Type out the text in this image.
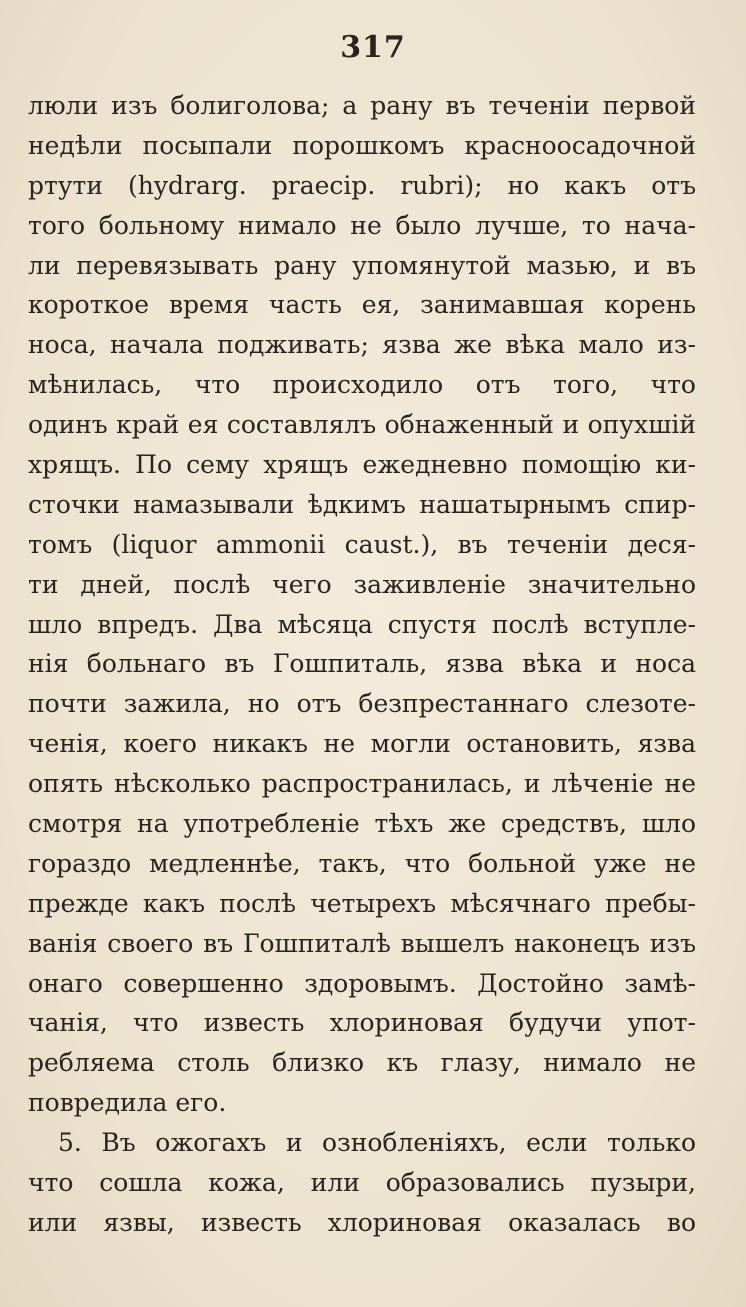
317
люли изъ болиголова; а рану въ теченіи первой
недѣли посыпали порошкомъ красноосадочной
ртути (hydrarg. praecip. rubri); но какъ отъ
того больному нимало не было лучше, то нача-
ли перевязывать рану упомянутой мазью, и въ
короткое время часть ея, занимавшая корень
носа, начала подживать; язва же вѣка мало из-
мѣнилась, что происходило отъ того, что
одинъ край ея составлялъ обнаженный и опухшій
хрящъ. По сему хрящъ ежедневно помощію ки-
сточки намазывали ѣдкимъ нашатырнымъ спир-
томъ (liquor ammonii caust.), въ теченіи деся-
ти дней, послѣ чего заживленіе значительно
шло впредъ. Два мѣсяца спустя послѣ вступле-
нія больнаго въ Гошпиталь, язва вѣка и носа
почти зажила, но отъ безпрестаннаго слезоте-
ченія, коего никакъ не могли остановить, язва
опять нѣсколько распространилась, и лѣченіе не
смотря на употребленіе тѣхъ же средствъ, шло
гораздо медленнѣе, такъ, что больной уже не
прежде какъ послѣ четырехъ мѣсячнаго пребы-
ванія своего въ Гошпиталѣ вышелъ наконецъ изъ
онаго совершенно здоровымъ. Достойно замѣ-
чанія, что известь хлориновая будучи упот-
ребляема столь близко къ глазу, нимало не
повредила его.
5. Въ ожогахъ и ознобленіяхъ, если только
что сошла кожа, или образовались пузыри,
или язвы, известь хлориновая оказалась во
